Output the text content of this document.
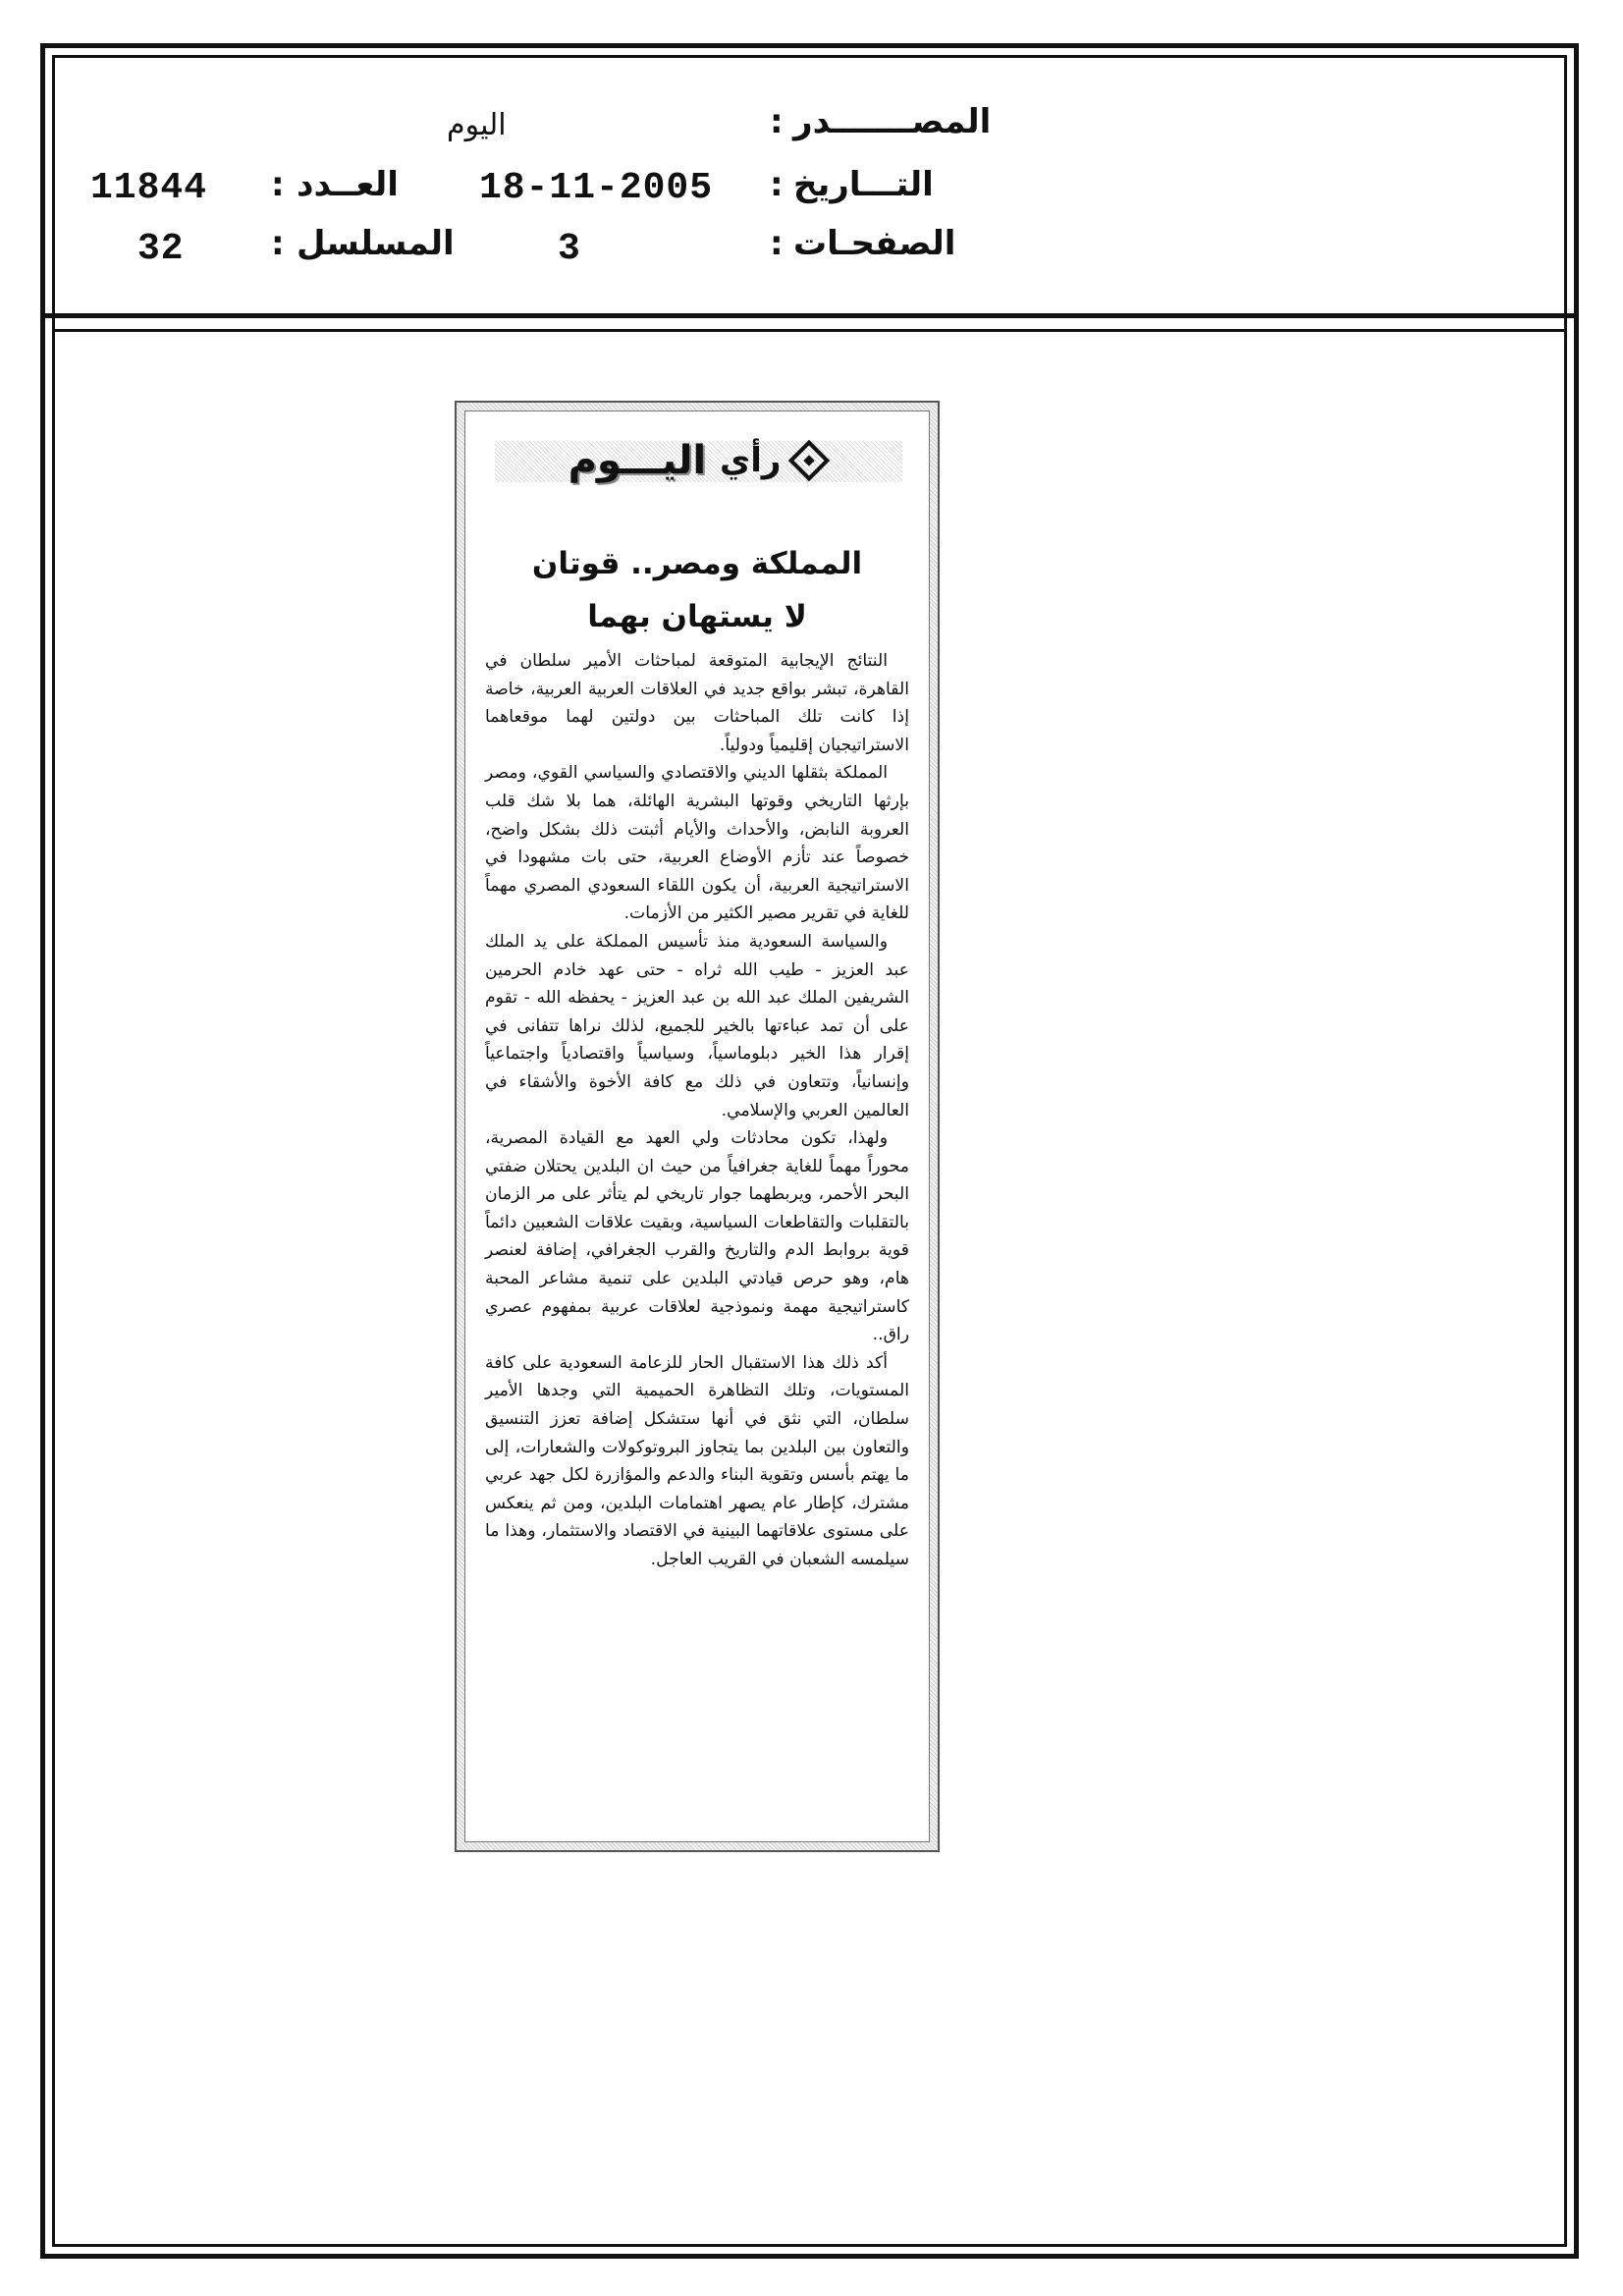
المصـــــــدر
:
اليوم
التـــاريخ
:
18-11-2005
العــدد
:
11844
الصفحـات
:
3
المسلسل
:
32
رأي
اليـــوم
المملكة ومصر.. قوتان
لا يستهان بهما

النتائج الإيجابية المتوقعة لمباحثات الأمير سلطان في القاهرة، تبشر بواقع جديد في العلاقات العربية العربية، خاصة إذا كانت تلك المباحثات بين دولتين لهما موقعاهما الاستراتيجيان إقليمياً ودولياً.

المملكة بثقلها الديني والاقتصادي والسياسي القوي، ومصر بإرثها التاريخي وقوتها البشرية الهائلة، هما بلا شك قلب العروبة النابض، والأحداث والأيام أثبتت ذلك بشكل واضح، خصوصاً عند تأزم الأوضاع العربية، حتى بات مشهودا في الاستراتيجية العربية، أن يكون اللقاء السعودي المصري مهماً للغاية في تقرير مصير الكثير من الأزمات.

والسياسة السعودية منذ تأسيس المملكة على يد الملك عبد العزيز - طيب الله ثراه - حتى عهد خادم الحرمين الشريفين الملك عبد الله بن عبد العزيز - يحفظه الله - تقوم على أن تمد عباءتها بالخير للجميع، لذلك نراها تتفانى في إقرار هذا الخير دبلوماسياً، وسياسياً واقتصادياً واجتماعياً وإنسانياً، وتتعاون في ذلك مع كافة الأخوة والأشقاء في العالمين العربي والإسلامي.

ولهذا، تكون محادثات ولي العهد مع القيادة المصرية، محوراً مهماً للغاية جغرافياً من حيث ان البلدين يحتلان ضفتي البحر الأحمر، ويربطهما جوار تاريخي لم يتأثر على مر الزمان بالتقلبات والتقاطعات السياسية، وبقيت علاقات الشعبين دائماً قوية بروابط الدم والتاريخ والقرب الجغرافي، إضافة لعنصر هام، وهو حرص قيادتي البلدين على تنمية مشاعر المحبة كاستراتيجية مهمة ونموذجية لعلاقات عربية بمفهوم عصري راق..

أكد ذلك هذا الاستقبال الحار للزعامة السعودية على كافة المستويات، وتلك التظاهرة الحميمية التي وجدها الأمير سلطان، التي نثق في أنها ستشكل إضافة تعزز التنسيق والتعاون بين البلدين بما يتجاوز البروتوكولات والشعارات، إلى ما يهتم بأسس وتقوية البناء والدعم والمؤازرة لكل جهد عربي مشترك، كإطار عام يصهر اهتمامات البلدين، ومن ثم ينعكس على مستوى علاقاتهما البينية في الاقتصاد والاستثمار، وهذا ما سيلمسه الشعبان في القريب العاجل.
